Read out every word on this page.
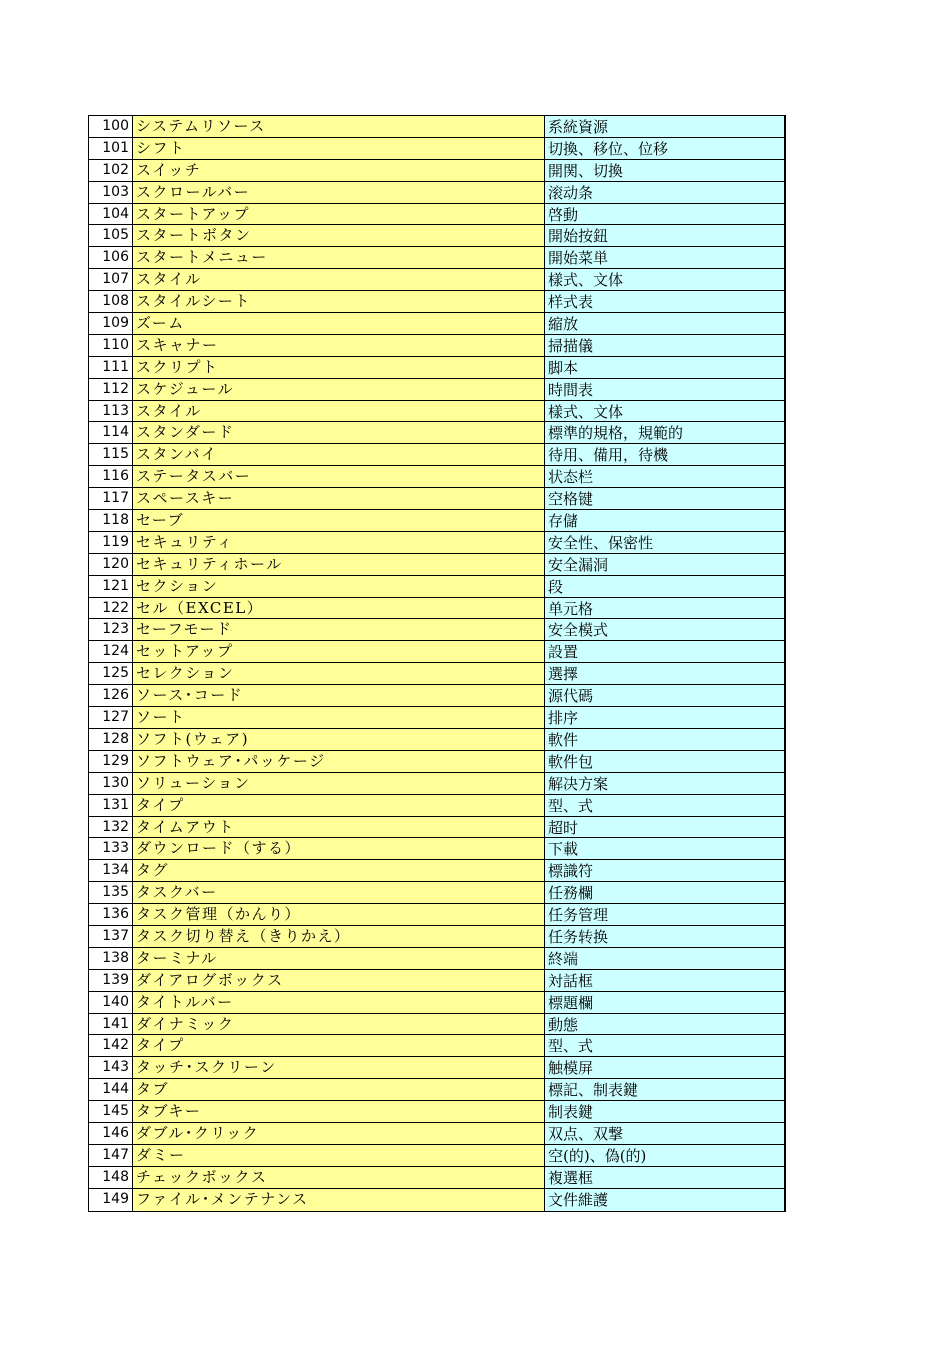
100 システムリソース	系統資源
101 シフト	切換、移位、位移
102 スイッチ	開関、切換
103 スクロールバー	滚动条
104 スタートアップ	啓動
105 スタートボタン	開始按鈕
106 スタートメニュー	開始菜単
107 スタイル	樣式、文体
108 スタイルシート	样式表
109 ズーム	縮放
110 スキャナー	掃描儀
111 スクリプト	脚本
112 スケジュール	時間表
113 スタイル	樣式、文体
114 スタンダード	標準的規格，規範的
115 スタンバイ	待用、備用，待機
116 ステータスバー	状态栏
117 スペースキー	空格键
118 セーブ	存儲
119 セキュリティ	安全性、保密性
120 セキュリティホール	安全漏洞
121 セクション	段
122 セル（EXCEL）	单元格
123 セーフモード	安全模式
124 セットアップ	設置
125 セレクション	選擇
126 ソース･コード	源代碼
127 ソート	排序
128 ソフト(ウェア)	軟件
129 ソフトウェア･パッケージ	軟件包
130 ソリューション	解决方案
131 タイプ	型、式
132 タイムアウト	超时
133 ダウンロード（する）	下載
134 タグ	標識符
135 タスクバー	任務欄
136 タスク管理（かんり）	任务管理
137 タスク切り替え（きりかえ）	任务转换
138 ターミナル	終端
139 ダイアログボックス	対話框
140 タイトルバー	標題欄
141 ダイナミック	動態
142 タイプ	型、式
143 タッチ･スクリーン	触模屏
144 タブ	標記、制表鍵
145 タブキー	制表鍵
146 ダブル･クリック	双点、双撃
147 ダミー	空(的)、偽(的)
148 チェックボックス	複選框
149 ファイル･メンテナンス	文件維護
